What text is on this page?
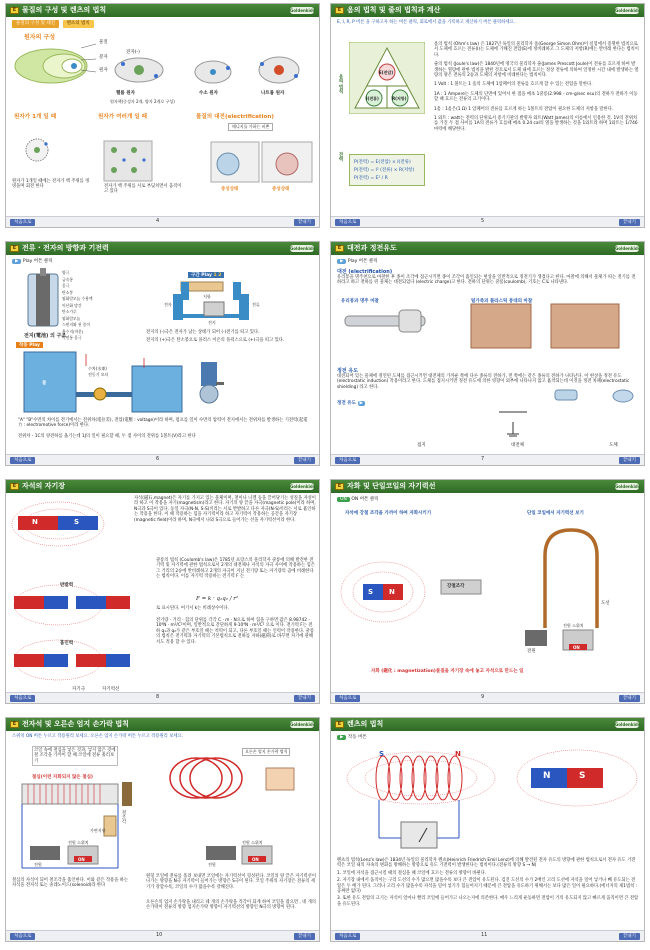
E 물질의 구성 및 렌츠의 법칙	Goldenkids
물질의 구성 및 대전	렌츠의 법칙
원자의 구성
물질
분자
원자
전자(-)
헬륨 원자	수소 원자	나트륨 원자
원자핵(중성자 2개, 양자 2개로 구성)
원자가 1개 일 때	원자가 여러개 일 때	물질의 대전(electrification)
매니지를 가하는 비쁜
원자가 1개일 때에는 전자가 핵 주위를 빙빙돌며 회전 한다	전자가 핵 주위를 서로 부딪치면서 움직이고 있다	중성상태	중성상태
처음으로	4	끝내기
E 옴의 법칙 및 줄의 법칙과 계산	Goldenkids
E, I, R, P 버튼 을 구하고자 하는 버튼 클릭, 회로에서 값을 기록하고 계산하기 버튼 클릭하세요.
옴의 법칙
전력
E(전압)
I(전류)	R(저항)
P(전력) = E(전압) × I(전류)
P(전력) = I² (전류) × R(저항)
P(전력) = E² / R
옴의 법칙 (Ohm's law) 은 1827년 독일의 물리학자 옴(George Simon Ohm)이 실험에서 증명한 법칙으로서 도체에 흐르는 전류(I)는 도체에 가해진 전압(E)에 정비례하고 그 도체의 저항(R)에는 반비례 한다는 법칙이다.
줄의 법칙 (Joule's law)은 1840년에 영국의 물리학자 줄(James Prescott Joule)이 전류를 흐르게 하여 발생하는 열량에 관한 법칙을 밝힌 것으로서 도체 내에 흐르는 정상 전류에 의하여 일정한 시간 내에 발생하는 열 량의 양은 전류의 2승과 도체의 저항에 비례한다는 법칙이다.
1 Volt : 1 볼트는 1 옴의 도체에 1암페어의 전류를 흐르게 할 수 있는 전압을 말한다.
1A : 1 Ampere는 도체의 단면에 있어서 한 점을 매초 1쿨롱(2.998 - cm-g/sec esu)의 전하가 전하가 이동할 때 흐르는 전류의 크기이다.
1옴 : 1옴은(1 Ω) 1 암페어의 전류를 흐르게 하는 1볼트의 전압이 필요한 도체의 저항을 말한다.
1 와트 : watt는 전력의 단위로서 증기기관의 발명자 와트(Watt James)의 이름에서 인용한 것. 1V의 전위차를 가진 두 점 사이를 1A의 전류가 흐를때 매초 0.24 cal의 열을 발생하는 것을 1와트라 하며 1와트는 1/746 마력에 해당한다.
처음으로	5	끝내기
E 전류 · 전자의 방향과 기전력	Goldenkids
▶ Play 버튼 클릭
양극
금속통
음극
탄소봉
염화암모늄 수용액
이산화 망간
탄소가루
염화암모늄
스펀지와 천 종이
흡수지(마분)
아연통 음극
전지(電池) 의 구조
구간 Play 1 2
저항
전지
전자	전류
전지의 (-)극은 전자가 남는 상태가 되어 (-)전기를 띄고 있다.
전지의 (+)극은 탄소봉으로 플러스 이온의 플럭스으로 (+)극을 띄고 있다.
작동 Play
물
수차(水車)
전동기 모터
"A" "B"수면의 차이를 전기에서는 전위차(電位差), 전압(電壓 : voltage)이라 하며, 펌프를 일이 수면의 압력이 전지에서는 전위차를 발생하는 기전력(起電力 : electromotive force)이라 한다.
전위차 - 1C의 양전하를 옮기는데 1J의 일이 필요할 때, 두 점 사이의 전위를 1볼트(V)라고 한다
처음으로	6	끝내기
E 대전과 정전유도	Goldenkids
▶ Play 버튼 클릭
대전 (electrification)
유리봉을 명주천으로 마찰한 후 종이 조각에 접근시키면 종이 조각이 흡인되는 현상을 일반적으로 정전기가 생겼다고 한다. 마찰에 의해서 물체가 띄는 전기를 전하라고 하고 전하를 띤 물체는 대전되었다 (electric charge)고 한다. 전하의 단위는 쿨롬(coulomb), 기호는 C로 나타낸다.
유리봉과 명주 마찰	털가죽과 플라스틱 봉대의 마찰
정전 유도
대전되어 있는 물체에 절연된 도체를 접근시키면 대전체의 가까운 쪽에 다른 종류의 전하가, 먼 쪽에는 같은 종류의 전하가 나타난다. 이 현상을 정전 유도(electrostatic induction) 작용이라고 한다. 도체를 접지시키면 정전 유도에 의한 영향이 외부에 나타나지 않고 흡착되는데 이것을 정전 차폐(electrostatic shielding) 라고 한다.
정전 유도 ▶
접지	대전체	도체
처음으로	7	끝내기
E 자석의 자기장	Goldenkids
N	S
반발력
흡인력
자기극	자기력선
자석(磁石,magnet)은 자기를 가지고 있는 물체이며, 철이나 니켈 등을 끌어당기는 성질을 자성이라 하고 이 작용을 자기(magnetism)라고 한다. 자기의 양 끝을 자극(magnetic pole)이라 하며, N극과 S극이 있다. 동일 자극(N-N, S-S)끼리는 서로 반발하고 다른 자극(N-S)끼리는 서로 흡인하는 작용을 한다. 이 때 작용하는 힘을 자기력이라 하고 자기력이 작용하는 공간을 자기장(magnetic field)이라 하며, N극에서 나와 S극으로 들어가는 선을 자기력선이라 한다.
쿨롱의 법칙 (Coulomb's law)은 1785년 프랑스의 물리학자 쿨롱에 의해 발견한 전기력 및 자기력에 관한 법칙으로서 2개의 대전체나 자석의 자극 사이에 작용하는 힘은 그 거리의 2승에 반비례하고 2개의 자극이 지닌 전기량 또는 자기량의 곱에 비례한다는 법칙이다. 이를 자기력 작용하는 전기력 F 는
F = k · q₁q₂ / r²
로 표시된다. 여기서 k는 비례상수이다.
전기량 · 거리 · 힘의 단위를 각각 C · m · N으로 하여 힘을 구하면 값은 8.98742 · 10⁹N · m²/C²이며, 일반적으로 간단하게 9·10⁹N · m²/C² 으로 이다. 전기력 F는 전하 q₁과 q₂가 같은 부호일 때는 척력이 되고, 다른 부호일 때는 인력이 작용한다. 쿨롱의 법칙은 전기력과 자기력의 기본법칙으로 전하를 자하(磁荷)로 바꾸면 자기에 관해서도 적용 할 수 있다.
처음으로	8	끝내기
E 자화 및 단일코일의 자기력선	Goldenkids
ON ON 버튼 클릭
자석에 강철 조각을 가까이 하여 자화시키기	단일 코일에서 자기력선 보기
S N
강철조각
전원
전원 스위치
ON
도선
자화 (磁化 : magnetization)물질을 자기장 속에 놓고 자석으로 만드는 일
처음으로	9	끝내기
E 전자석 및 오른손 엄지 손가락 법칙	Goldenkids
스위치 ON 버튼 누르고 작용원리 보세요. 오른손 엄지 손가락 버튼 누르고 작용원리 보세요.
코일 속에 철심을 넣은 것과, 넣지 않은 것에 철 조각을 가까이 할 때 코일에 전류 흘러보기
철심(이런 자화되지 않은 철심)
철조각
가변저항
전원
전원 스위치
ON
오른손 엄지 손가락 법칙
전원
전원 스위치
ON
철심의 자석이 되어 철조각을 흡인한다. 이와 같은 작용을 하는 자석을 전자석 또는 솔레노이드(solenoid)라 한다
원형 코일에 전류를 흘려 보내면 코일에는 자기력선이 형성된다. 코일의 양 끝은 자기력선이 나가는 방향을 N극 자기력이 들어가는 방향은 S극이 된다. 코일 주위의 자기장은 전류의 세기가 강할수록, 코일의 수가 많을수록 강해진다.
오른손의 엄지 손가락을 내리고 네 개의 손가락을 직각이 되게 하여 코일을 잡으면 , 네 개의 손가락이 전류의 방향 엄지손가락 방향이 자기력선의 방향인 N극의 방향이 된다.
처음으로	10	끝내기
E 렌츠의 법칙	Goldenkids
▶ 작동 버튼
S	N
N	S
렌츠의 법칙(Lenz's law)은 1834년 독일의 물리학자 렌츠(Heinrich Friedrich Emil Lenz)에 의해 발견된 전자 유도의 방향에 관한 법칙으로서 전자 유도 기전력은 코일 내의 자속의 변화를 방해하는 방향으로 유도 기전력이 발생한다는 법칙이다.(전류의 방향 S → N)
1. 코일에 자석을 접근시킬 때의 철심을 때 코일에 흐르는 전류의 방향이 바뀐다.
2. 자기장 내에서 움직이는 구리 도선의 수가 많으면 많을수록 보다 큰 전압이 유도된다. 검진 도선의 수가 2배인 고리 도선에 자석을 밀어 넣거나 빼 유도되는 전압은 두 배가 된다. 그러나 고리 수가 많을수록 자석을 밀어 넣기가 힘들어지기 때문에 큰 전압을 유도하기 위해서는 보다 많은 일이 필요하다.(에너지의 제1법칙 : 공짜란 없다)
3. 또한 유도 전압의 크기는 자석이 얼마나 빨리 코일에 들어가고 나오는지에 의존한다. 매우 느리게 운동하면 전압이 거의 유도되지 않고 빠르게 움직이면 큰 전압을 유도된다.
처음으로	11	끝내기
